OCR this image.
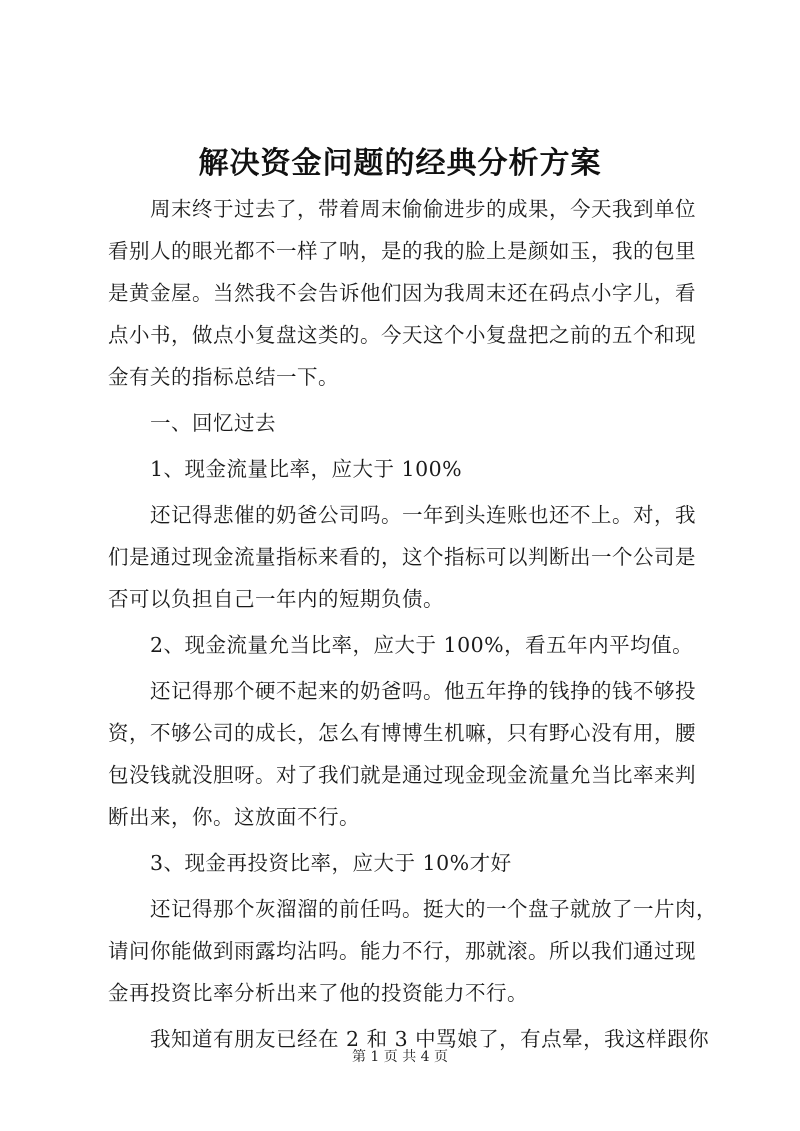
解决资金问题的经典分析方案
周末终于过去了，带着周末偷偷进步的成果，今天我到单位
看别人的眼光都不一样了呐，是的我的脸上是颜如玉，我的包里
是黄金屋。当然我不会告诉他们因为我周末还在码点小字儿，看
点小书，做点小复盘这类的。今天这个小复盘把之前的五个和现
金有关的指标总结一下。
一、回忆过去
1、现金流量比率，应大于 100%
还记得悲催的奶爸公司吗。一年到头连账也还不上。对，我
们是通过现金流量指标来看的，这个指标可以判断出一个公司是
否可以负担自己一年内的短期负债。
2、现金流量允当比率，应大于 100%，看五年内平均值。
还记得那个硬不起来的奶爸吗。他五年挣的钱挣的钱不够投
资，不够公司的成长，怎么有博博生机嘛，只有野心没有用，腰
包没钱就没胆呀。对了我们就是通过现金现金流量允当比率来判
断出来，你。这放面不行。
3、现金再投资比率，应大于 10%才好
还记得那个灰溜溜的前任吗。挺大的一个盘子就放了一片肉，
请问你能做到雨露均沾吗。能力不行，那就滚。所以我们通过现
金再投资比率分析出来了他的投资能力不行。
我知道有朋友已经在 2 和 3 中骂娘了，有点晕，我这样跟你
第 1 页 共 4 页
